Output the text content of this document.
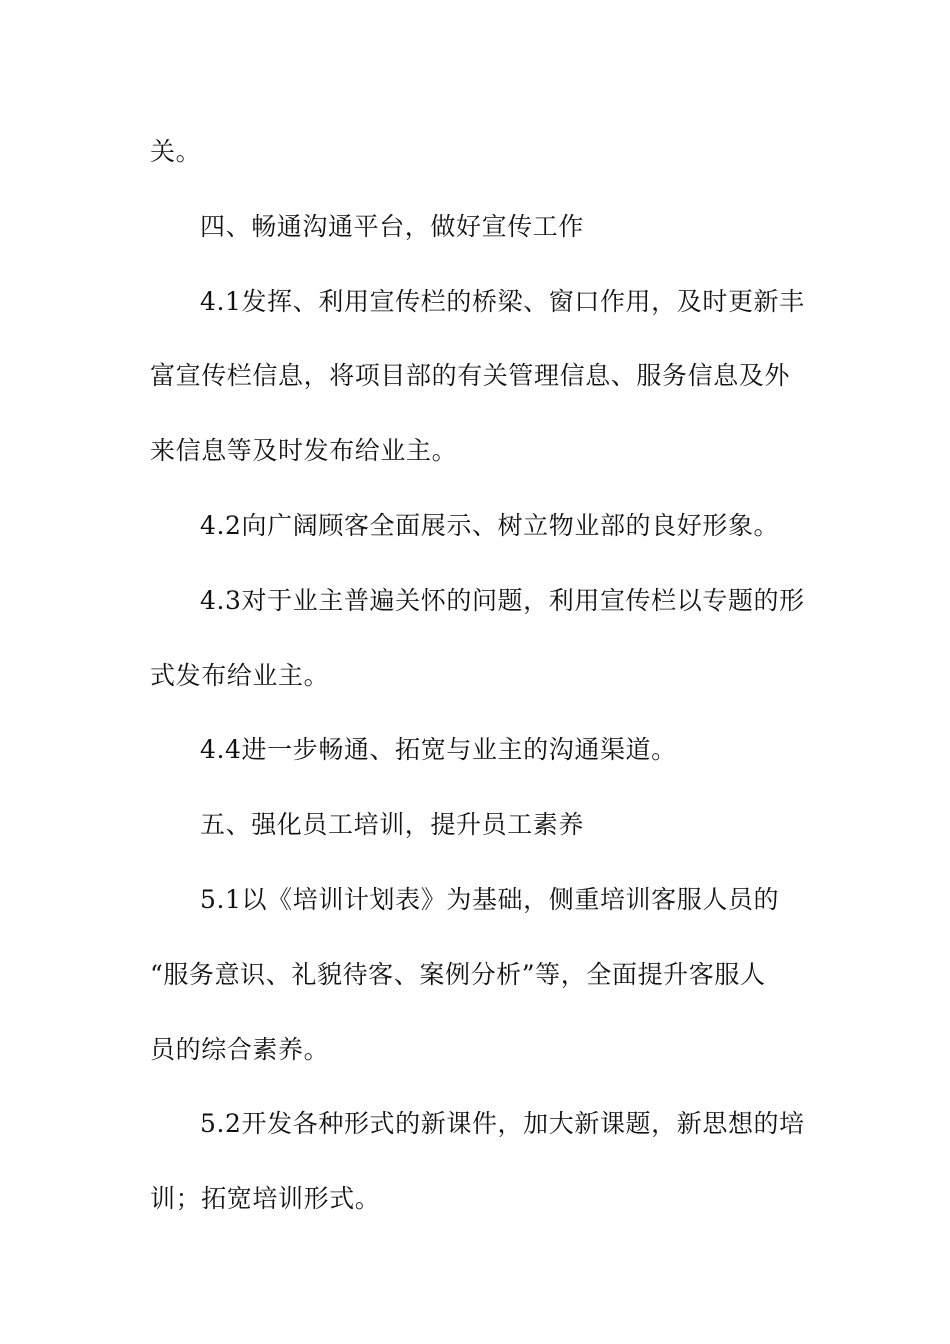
关。
四、畅通沟通平台，做好宣传工作
4.1发挥、利用宣传栏的桥梁、窗口作用，及时更新丰
富宣传栏信息，将项目部的有关管理信息、服务信息及外
来信息等及时发布给业主。
4.2向广阔顾客全面展示、树立物业部的良好形象。
4.3对于业主普遍关怀的问题，利用宣传栏以专题的形
式发布给业主。
4.4进一步畅通、拓宽与业主的沟通渠道。
五、强化员工培训，提升员工素养
5.1以《培训计划表》为基础，侧重培训客服人员的
“服务意识、礼貌待客、案例分析”等，全面提升客服人
员的综合素养。
5.2开发各种形式的新课件，加大新课题，新思想的培
训；拓宽培训形式。
